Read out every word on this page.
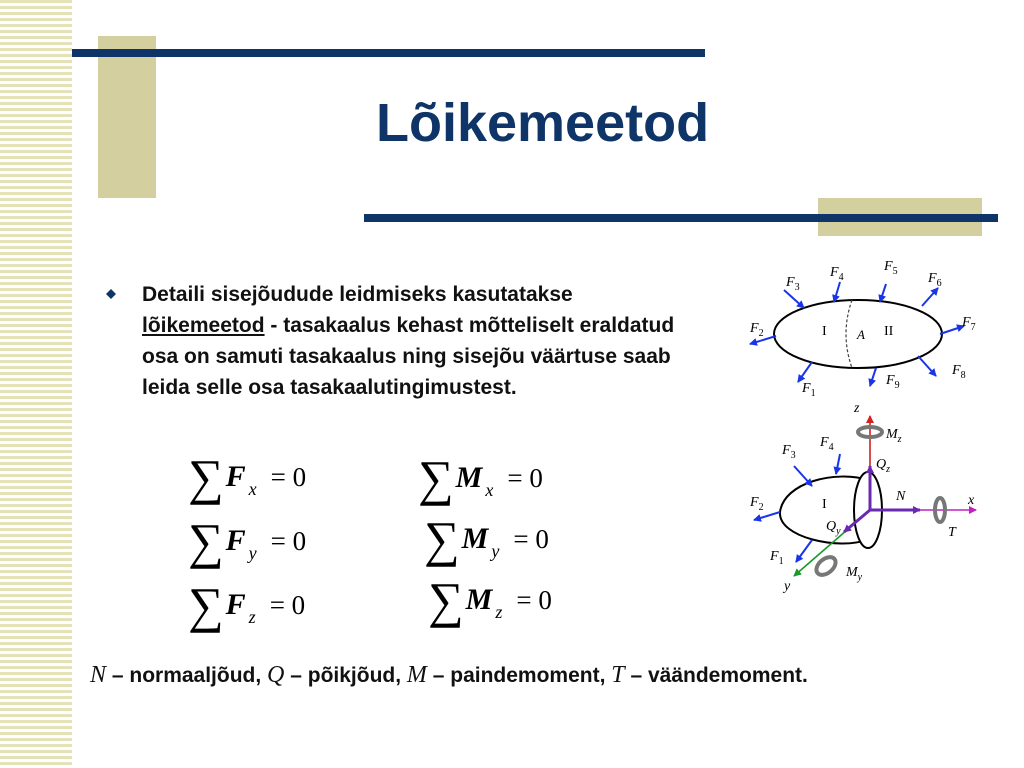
Lõikemeetod
Detaili sisejõudude leidmiseks kasutatakse
lõikemeetod - tasakaalus kehast mõtteliselt eraldatud osa on samuti tasakaalus ning sisejõu väärtuse saab leida selle osa tasakaalutingimustest.
∑ F x = 0
∑ F y = 0
∑ F z = 0
∑ M x = 0
∑ M y = 0
∑ M z = 0
I A II
$F_1$
$F_2$
$F_3$
$F_4$
$F_5$ $F_6$
$F_7$
$F_8$
$F_9$
I
$F_1$
$F_2$
$F_3$
$F_4$
z
x
y
N
T
$Q_z$
$Q_y$
$M_z$
$M_y$
N – normaaljõud, Q – põikjõud, M – paindemoment, T – väändemoment.
